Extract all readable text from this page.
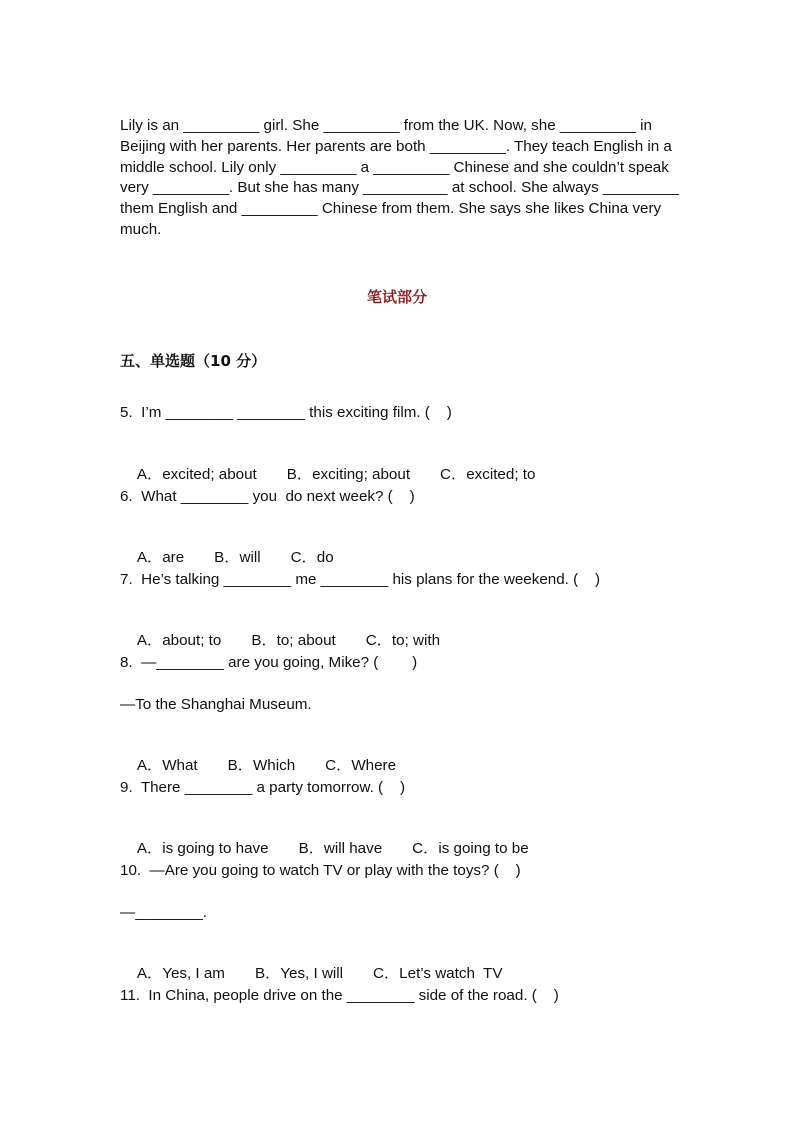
Lily is an _________ girl. She _________ from the UK. Now, she _________ in Beijing with her parents. Her parents are both _________. They teach English in a middle school. Lily only _________ a _________ Chinese and she couldn’t speak very _________. But she has many __________ at school. She always _________ them English and _________ Chinese from them. She says she likes China very much.

笔试部分
五、单选题（10 分）

5.  I’m ________ ________ this exciting film. (    )

A．excited; about B．exciting; about C．excited; to

6.  What ________ you  do next week? (    )

A．are B．will C．do

7.  He’s talking ________ me ________ his plans for the weekend. (    )

A．about; to B．to; about C．to; with

8.  —________ are you going, Mike? (        )

—To the Shanghai Museum.

A．What B．Which C．Where

9.  There ________ a party tomorrow. (    )

A．is going to have B．will have C．is going to be

10.  —Are you going to watch TV or play with the toys? (    )

—________.

A．Yes, I am B．Yes, I will C．Let’s watch  TV

11.  In China, people drive on the ________ side of the road. (    )
